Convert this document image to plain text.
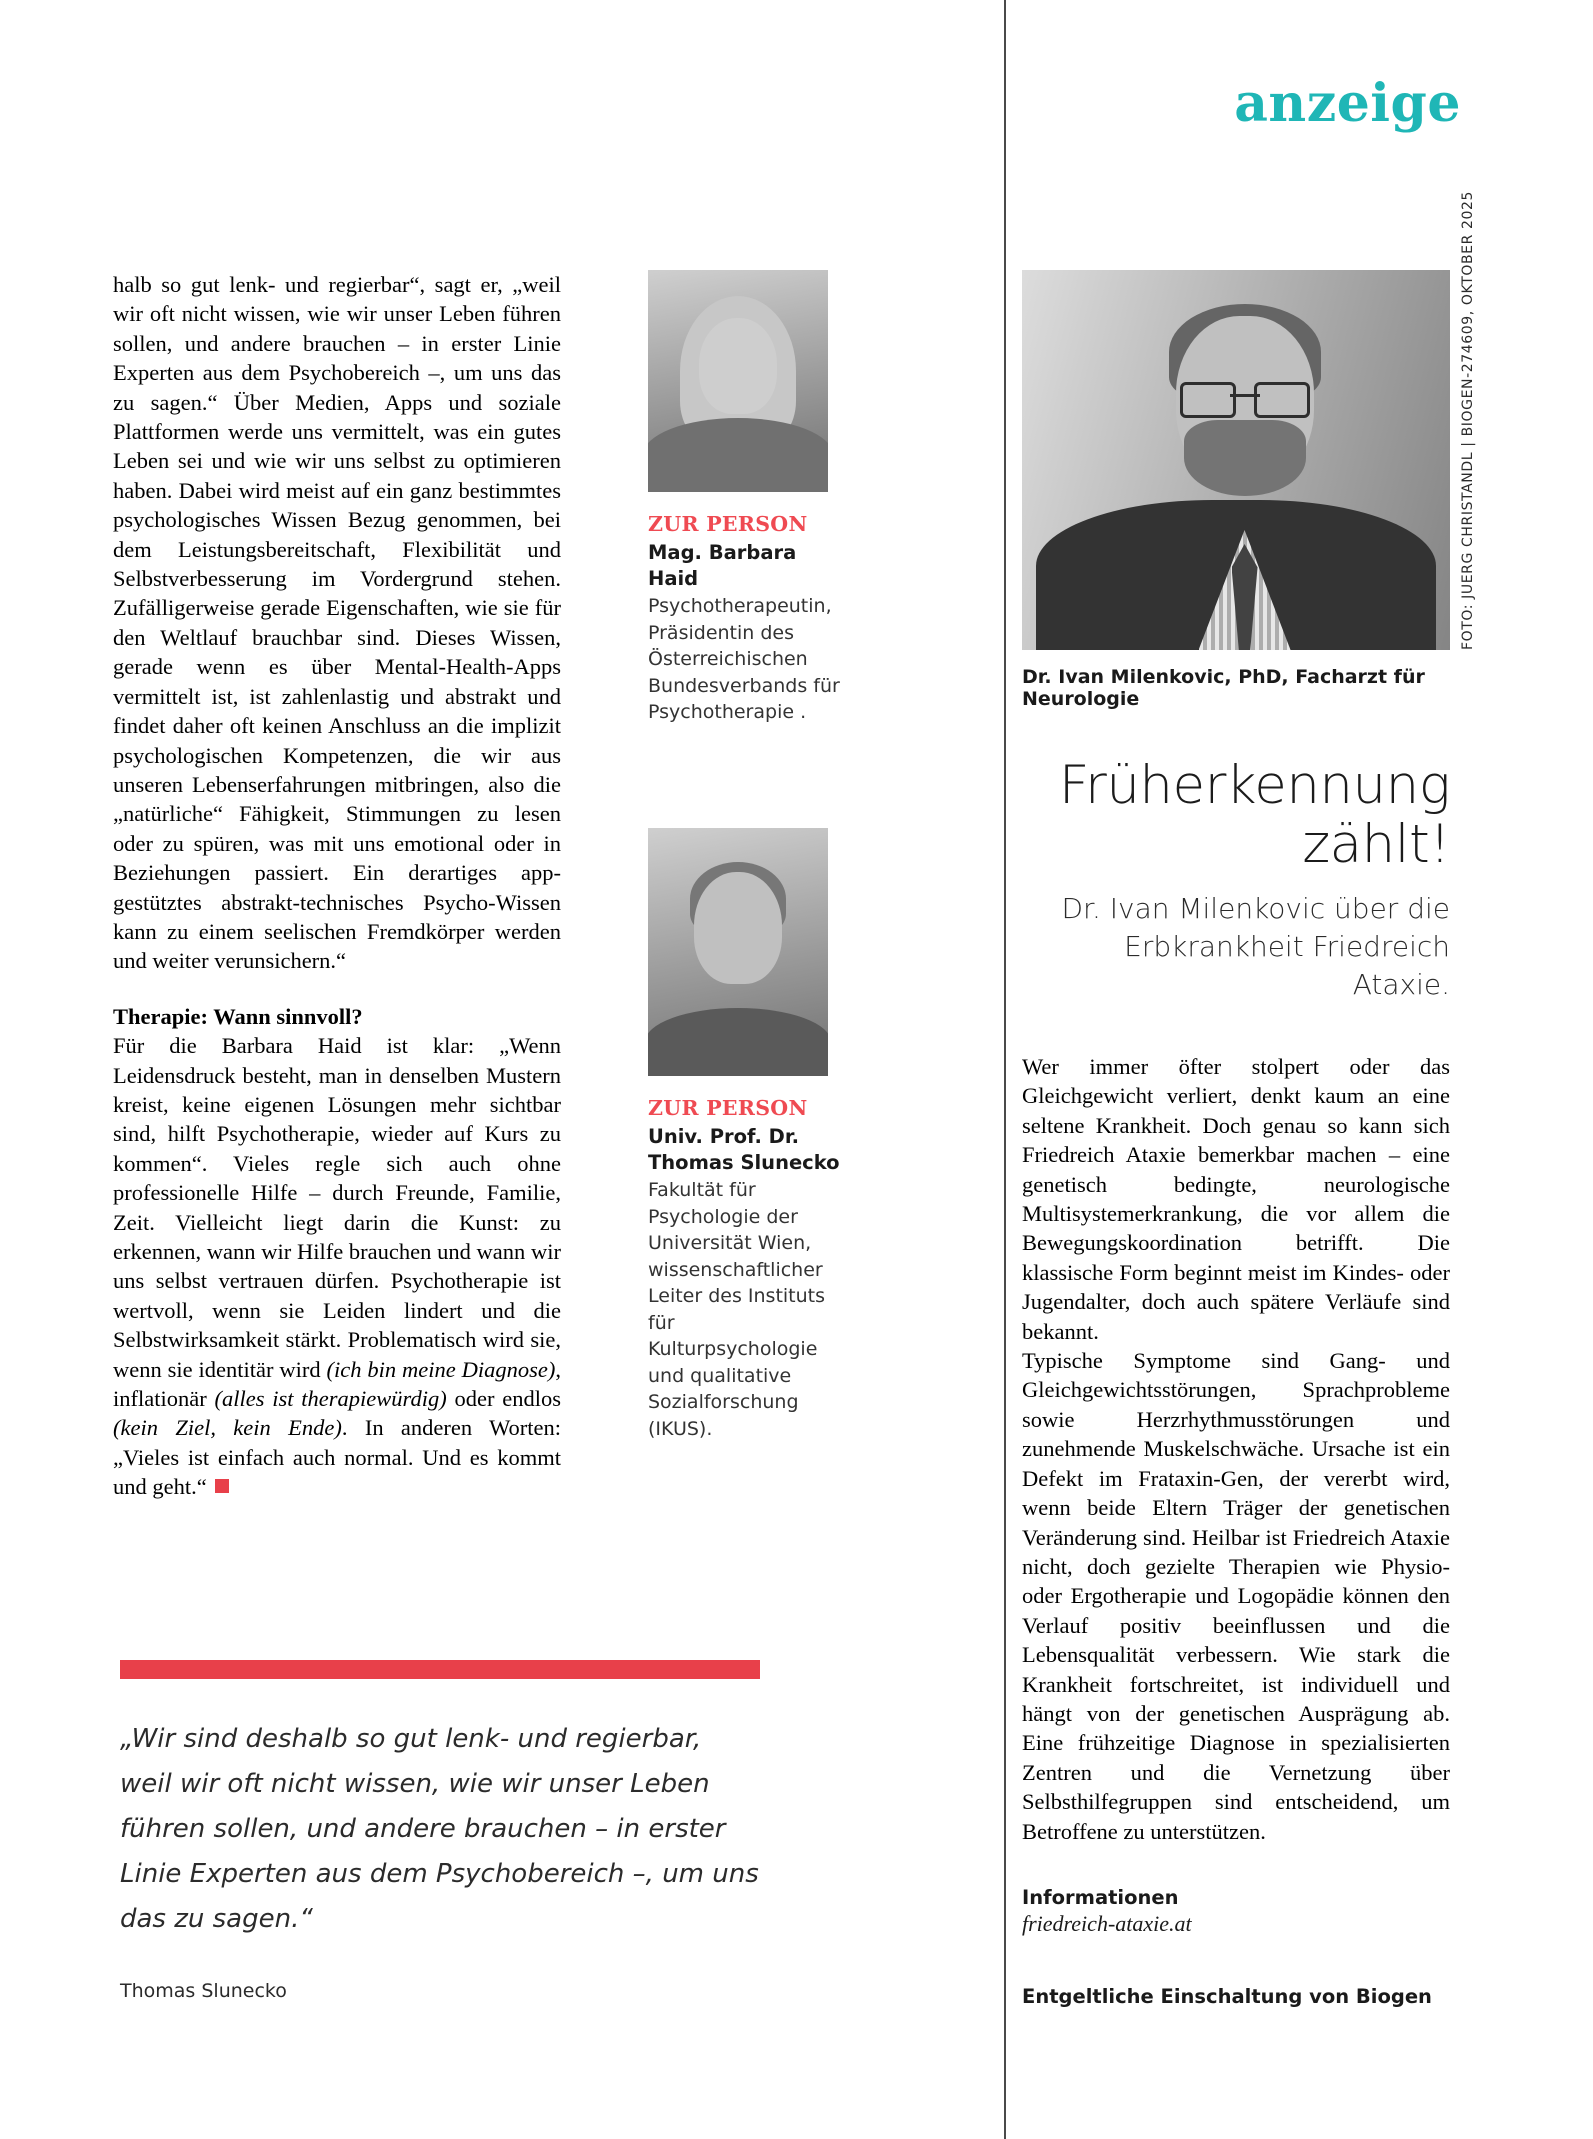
anzeige

halb so gut lenk- und regierbar“, sagt er, „weil wir oft nicht wissen, wie wir unser Leben führen sollen, und andere brauchen – in erster Linie Experten aus dem Psychobereich –, um uns das zu sagen.“ Über Medien, Apps und soziale Plattformen werde uns vermittelt, was ein gutes Leben sei und wie wir uns selbst zu optimieren haben. Dabei wird meist auf ein ganz bestimmtes psychologisches Wissen Bezug genommen, bei dem Leistungsbereitschaft, Flexibilität und Selbstverbesserung im Vordergrund stehen. Zufälligerweise gerade Eigenschaften, wie sie für den Weltlauf brauchbar sind. Dieses Wissen, gerade wenn es über Mental-Health-Apps vermittelt ist, ist zahlenlastig und abstrakt und findet daher oft keinen Anschluss an die implizit psychologischen Kompetenzen, die wir aus unseren Lebenserfahrungen mitbringen, also die „natürliche“ Fähigkeit, Stimmungen zu lesen oder zu spüren, was mit uns emotional oder in Beziehungen passiert. Ein derartiges app-gestütztes abstrakt-technisches Psycho-Wissen kann zu einem seelischen Fremdkörper werden und weiter verunsichern.“

Therapie: Wann sinnvoll?

Für die Barbara Haid ist klar: „Wenn Leidensdruck besteht, man in denselben Mustern kreist, keine eigenen Lösungen mehr sichtbar sind, hilft Psychotherapie, wieder auf Kurs zu kommen“. Vieles regle sich auch ohne professionelle Hilfe – durch Freunde, Familie, Zeit. Vielleicht liegt darin die Kunst: zu erkennen, wann wir Hilfe brauchen und wann wir uns selbst vertrauen dürfen. Psychotherapie ist wertvoll, wenn sie Leiden lindert und die Selbstwirksamkeit stärkt. Problematisch wird sie, wenn sie identitär wird (ich bin meine Diagnose), inflationär (alles ist therapiewürdig) oder endlos (kein Ziel, kein Ende). In anderen Worten: „Vieles ist einfach auch normal. Und es kommt und geht.“

ZUR PERSON
Mag. Barbara Haid
Psychotherapeutin, Präsidentin des Österreichischen Bundesverbands für Psychotherapie .
ZUR PERSON
Univ. Prof. Dr. Thomas Slunecko
Fakultät für Psychologie der Universität Wien, wissenschaftlicher Leiter des Instituts für Kulturpsychologie und qualitative Sozialforschung (IKUS).
„Wir sind deshalb so gut lenk- und regierbar, weil wir oft nicht wissen, wie wir unser Leben führen sollen, und andere brauchen – in erster Linie Experten aus dem Psychobereich –, um uns das zu sagen.“
Thomas Slunecko
FOTO: JUERG CHRISTANDL | BIOGEN-274609, OKTOBER 2025
Dr. Ivan Milenkovic, PhD, Facharzt für Neurologie
Früherkennung zählt!
Dr. Ivan Milenkovic über die Erbkrankheit Friedreich Ataxie.
Wer immer öfter stolpert oder das Gleichgewicht verliert, denkt kaum an eine seltene Krankheit. Doch genau so kann sich Friedreich Ataxie bemerkbar machen – eine genetisch bedingte, neurologische Multisystemerkrankung, die vor allem die Bewegungskoordination betrifft. Die klassische Form beginnt meist im Kindes- oder Jugendalter, doch auch spätere Verläufe sind bekannt.
Typische Symptome sind Gang- und Gleichgewichtsstörungen, Sprachprobleme sowie Herzrhythmusstörungen und zunehmende Muskelschwäche. Ursache ist ein Defekt im Frataxin-Gen, der vererbt wird, wenn beide Eltern Träger der genetischen Veränderung sind. Heilbar ist Friedreich Ataxie nicht, doch gezielte Therapien wie Physio- oder Ergotherapie und Logopädie können den Verlauf positiv beeinflussen und die Lebensqualität verbessern. Wie stark die Krankheit fortschreitet, ist individuell und hängt von der genetischen Ausprägung ab. Eine frühzeitige Diagnose in spezialisierten Zentren und die Vernetzung über Selbsthilfegruppen sind entscheidend, um Betroffene zu unterstützen.
Informationen
friedreich-ataxie.at
Entgeltliche Einschaltung von Biogen
